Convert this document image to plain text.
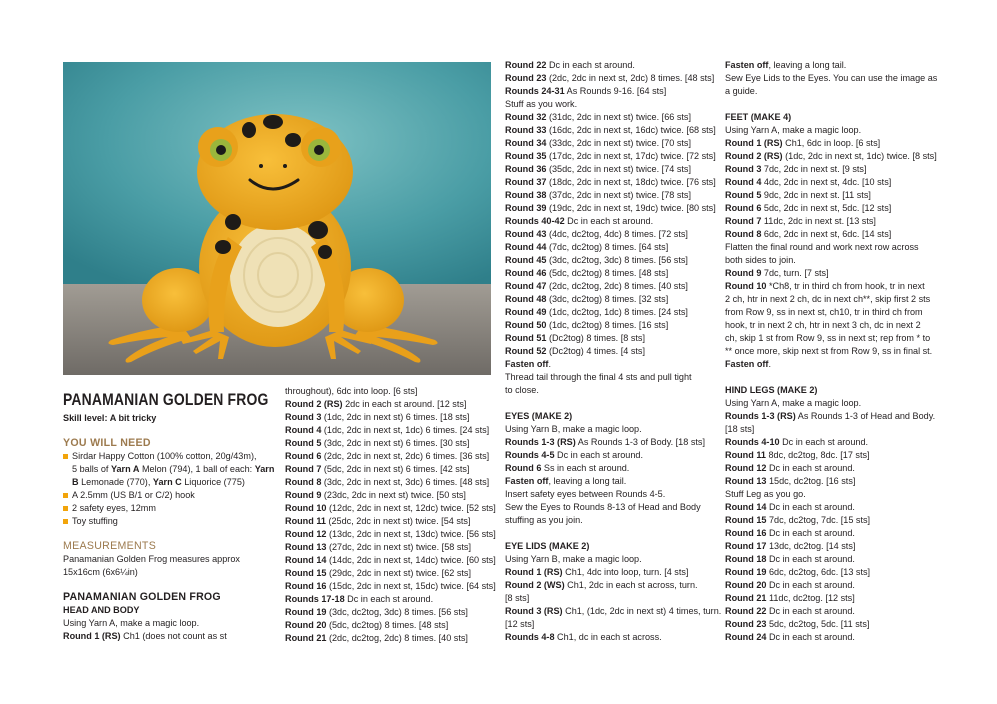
PANAMANIAN GOLDEN FROG

Skill level: A bit tricky

YOU WILL NEED

Sirdar Happy Cotton (100% cotton, 20g/43m),

5 balls of Yarn A Melon (794), 1 ball of each: Yarn

B Lemonade (770), Yarn C Liquorice (775)

A 2.5mm (US B/1 or C/2) hook

2 safety eyes, 12mm

Toy stuffing

MEASUREMENTS

Panamanian Golden Frog measures approx

15x16cm (6x6¼in)

PANAMANIAN GOLDEN FROG

HEAD AND BODY

Using Yarn A, make a magic loop.

Round 1 (RS) Ch1 (does not count as st

throughout), 6dc into loop. [6 sts]

Round 2 (RS) 2dc in each st around. [12 sts]

Round 3 (1dc, 2dc in next st) 6 times. [18 sts]

Round 4 (1dc, 2dc in next st, 1dc) 6 times. [24 sts]

Round 5 (3dc, 2dc in next st) 6 times. [30 sts]

Round 6 (2dc, 2dc in next st, 2dc) 6 times. [36 sts]

Round 7 (5dc, 2dc in next st) 6 times. [42 sts]

Round 8 (3dc, 2dc in next st, 3dc) 6 times. [48 sts]

Round 9 (23dc, 2dc in next st) twice. [50 sts]

Round 10 (12dc, 2dc in next st, 12dc) twice. [52 sts]

Round 11 (25dc, 2dc in next st) twice. [54 sts]

Round 12 (13dc, 2dc in next st, 13dc) twice. [56 sts]

Round 13 (27dc, 2dc in next st) twice. [58 sts]

Round 14 (14dc, 2dc in next st, 14dc) twice. [60 sts]

Round 15 (29dc, 2dc in next st) twice. [62 sts]

Round 16 (15dc, 2dc in next st, 15dc) twice. [64 sts]

Rounds 17-18 Dc in each st around.

Round 19 (3dc, dc2tog, 3dc) 8 times. [56 sts]

Round 20 (5dc, dc2tog) 8 times. [48 sts]

Round 21 (2dc, dc2tog, 2dc) 8 times. [40 sts]

Round 22 Dc in each st around.

Round 23 (2dc, 2dc in next st, 2dc) 8 times. [48 sts]

Rounds 24-31 As Rounds 9-16. [64 sts]

Stuff as you work.

Round 32 (31dc, 2dc in next st) twice. [66 sts]

Round 33 (16dc, 2dc in next st, 16dc) twice. [68 sts]

Round 34 (33dc, 2dc in next st) twice. [70 sts]

Round 35 (17dc, 2dc in next st, 17dc) twice. [72 sts]

Round 36 (35dc, 2dc in next st) twice. [74 sts]

Round 37 (18dc, 2dc in next st, 18dc) twice. [76 sts]

Round 38 (37dc, 2dc in next st) twice. [78 sts]

Round 39 (19dc, 2dc in next st, 19dc) twice. [80 sts]

Rounds 40-42 Dc in each st around.

Round 43 (4dc, dc2tog, 4dc) 8 times. [72 sts]

Round 44 (7dc, dc2tog) 8 times. [64 sts]

Round 45 (3dc, dc2tog, 3dc) 8 times. [56 sts]

Round 46 (5dc, dc2tog) 8 times. [48 sts]

Round 47 (2dc, dc2tog, 2dc) 8 times. [40 sts]

Round 48 (3dc, dc2tog) 8 times. [32 sts]

Round 49 (1dc, dc2tog, 1dc) 8 times. [24 sts]

Round 50 (1dc, dc2tog) 8 times. [16 sts]

Round 51 (Dc2tog) 8 times. [8 sts]

Round 52 (Dc2tog) 4 times. [4 sts]

Fasten off.

Thread tail through the final 4 sts and pull tight

to close.

EYES (MAKE 2)

Using Yarn B, make a magic loop.

Rounds 1-3 (RS) As Rounds 1-3 of Body. [18 sts]

Rounds 4-5 Dc in each st around.

Round 6 Ss in each st around.

Fasten off, leaving a long tail.

Insert safety eyes between Rounds 4-5.

Sew the Eyes to Rounds 8-13 of Head and Body

stuffing as you join.

EYE LIDS (MAKE 2)

Using Yarn B, make a magic loop.

Round 1 (RS) Ch1, 4dc into loop, turn. [4 sts]

Round 2 (WS) Ch1, 2dc in each st across, turn.

[8 sts]

Round 3 (RS) Ch1, (1dc, 2dc in next st) 4 times, turn.

[12 sts]

Rounds 4-8 Ch1, dc in each st across.

Fasten off, leaving a long tail.

Sew Eye Lids to the Eyes. You can use the image as

a guide.

FEET (MAKE 4)

Using Yarn A, make a magic loop.

Round 1 (RS) Ch1, 6dc in loop. [6 sts]

Round 2 (RS) (1dc, 2dc in next st, 1dc) twice. [8 sts]

Round 3 7dc, 2dc in next st. [9 sts]

Round 4 4dc, 2dc in next st, 4dc. [10 sts]

Round 5 9dc, 2dc in next st. [11 sts]

Round 6 5dc, 2dc in next st, 5dc. [12 sts]

Round 7 11dc, 2dc in next st. [13 sts]

Round 8 6dc, 2dc in next st, 6dc. [14 sts]

Flatten the final round and work next row across

both sides to join.

Round 9 7dc, turn. [7 sts]

Round 10 *Ch8, tr in third ch from hook, tr in next

2 ch, htr in next 2 ch, dc in next ch**, skip first 2 sts

from Row 9, ss in next st, ch10, tr in third ch from

hook, tr in next 2 ch, htr in next 3 ch, dc in next 2

ch, skip 1 st from Row 9, ss in next st; rep from * to

** once more, skip next st from Row 9, ss in final st.

Fasten off.

HIND LEGS (MAKE 2)

Using Yarn A, make a magic loop.

Rounds 1-3 (RS) As Rounds 1-3 of Head and Body.

[18 sts]

Rounds 4-10 Dc in each st around.

Round 11 8dc, dc2tog, 8dc. [17 sts]

Round 12 Dc in each st around.

Round 13 15dc, dc2tog. [16 sts]

Stuff Leg as you go.

Round 14 Dc in each st around.

Round 15 7dc, dc2tog, 7dc. [15 sts]

Round 16 Dc in each st around.

Round 17 13dc, dc2tog. [14 sts]

Round 18 Dc in each st around.

Round 19 6dc, dc2tog, 6dc. [13 sts]

Round 20 Dc in each st around.

Round 21 11dc, dc2tog. [12 sts]

Round 22 Dc in each st around.

Round 23 5dc, dc2tog, 5dc. [11 sts]

Round 24 Dc in each st around.
